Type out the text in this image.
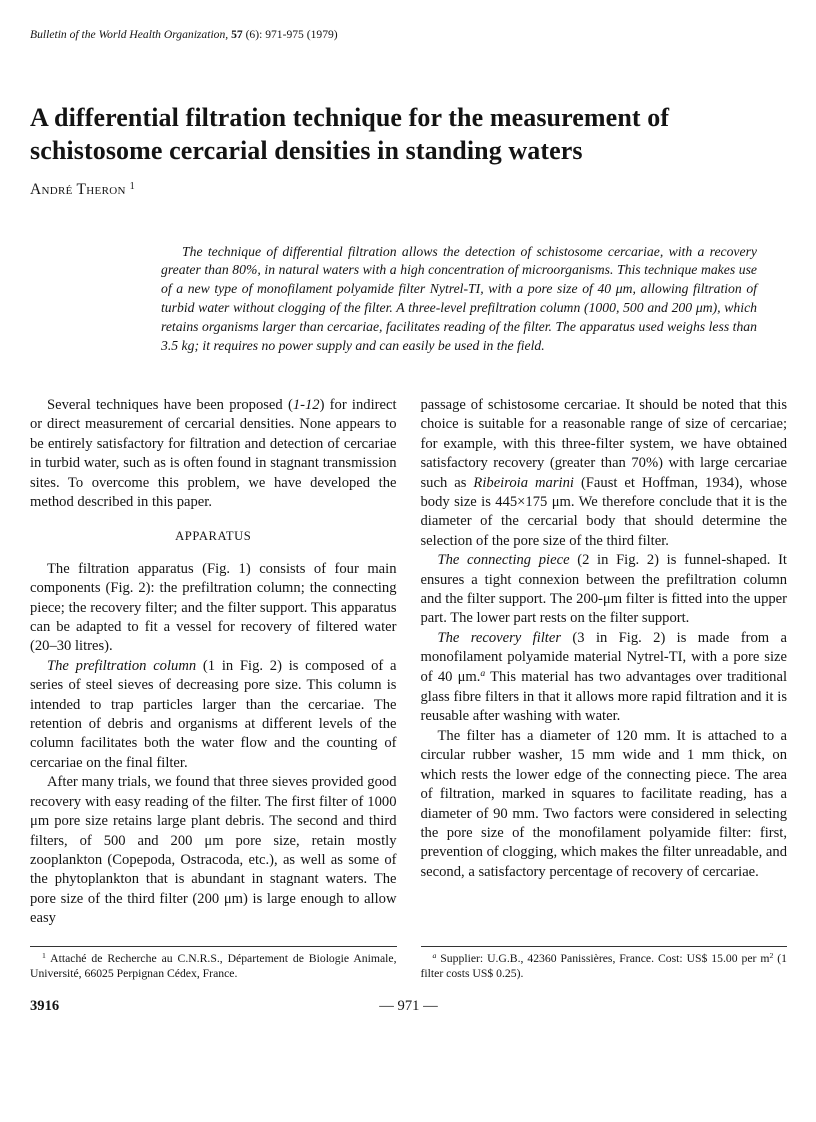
Bulletin of the World Health Organization, 57 (6): 971-975 (1979)
A differential filtration technique for the measurement of schistosome cercarial densities in standing waters
André Theron $^1$
The technique of differential filtration allows the detection of schistosome cercariae, with a recovery greater than 80%, in natural waters with a high concentration of microorganisms. This technique makes use of a new type of monofilament polyamide filter Nytrel-TI, with a pore size of 40 μm, allowing filtration of turbid water without clogging of the filter. A three-level prefiltration column (1000, 500 and 200 μm), which retains organisms larger than cercariae, facilitates reading of the filter. The apparatus used weighs less than 3.5 kg; it requires no power supply and can easily be used in the field.

Several techniques have been proposed (1-12) for indirect or direct measurement of cercarial densities. None appears to be entirely satisfactory for filtration and detection of cercariae in turbid water, such as is often found in stagnant transmission sites. To overcome this problem, we have developed the method described in this paper.

APPARATUS

The filtration apparatus (Fig. 1) consists of four main components (Fig. 2): the prefiltration column; the connecting piece; the recovery filter; and the filter support. This apparatus can be adapted to fit a vessel for recovery of filtered water (20–30 litres).

The prefiltration column (1 in Fig. 2) is composed of a series of steel sieves of decreasing pore size. This column is intended to trap particles larger than the cercariae. The retention of debris and organisms at different levels of the column facilitates both the water flow and the counting of cercariae on the final filter.

After many trials, we found that three sieves provided good recovery with easy reading of the filter. The first filter of 1000 μm pore size retains large plant debris. The second and third filters, of 500 and 200 μm pore size, retain mostly zooplankton (Copepoda, Ostracoda, etc.), as well as some of the phytoplankton that is abundant in stagnant waters. The pore size of the third filter (200 μm) is large enough to allow easy

$^1$ Attaché de Recherche au C.N.R.S., Département de Biologie Animale, Université, 66025 Perpignan Cédex, France.

passage of schistosome cercariae. It should be noted that this choice is suitable for a reasonable range of size of cercariae; for example, with this three-filter system, we have obtained satisfactory recovery (greater than 70%) with large cercariae such as Ribeiroia marini (Faust et Hoffman, 1934), whose body size is 445×175 μm. We therefore conclude that it is the diameter of the cercarial body that should determine the selection of the pore size of the third filter.

The connecting piece (2 in Fig. 2) is funnel-shaped. It ensures a tight connexion between the prefiltration column and the filter support. The 200-μm filter is fitted into the upper part. The lower part rests on the filter support.

The recovery filter (3 in Fig. 2) is made from a monofilament polyamide material Nytrel-TI, with a pore size of 40 μm.$^a$ This material has two advantages over traditional glass fibre filters in that it allows more rapid filtration and it is reusable after washing with water.

The filter has a diameter of 120 mm. It is attached to a circular rubber washer, 15 mm wide and 1 mm thick, on which rests the lower edge of the connecting piece. The area of filtration, marked in squares to facilitate reading, has a diameter of 90 mm. Two factors were considered in selecting the pore size of the monofilament polyamide filter: first, prevention of clogging, which makes the filter unreadable, and second, a satisfactory percentage of recovery of cercariae.

$^a$ Supplier: U.G.B., 42360 Panissières, France. Cost: US$ 15.00 per $m^2$ (1 filter costs US$ 0.25).
3916	— 971 —
